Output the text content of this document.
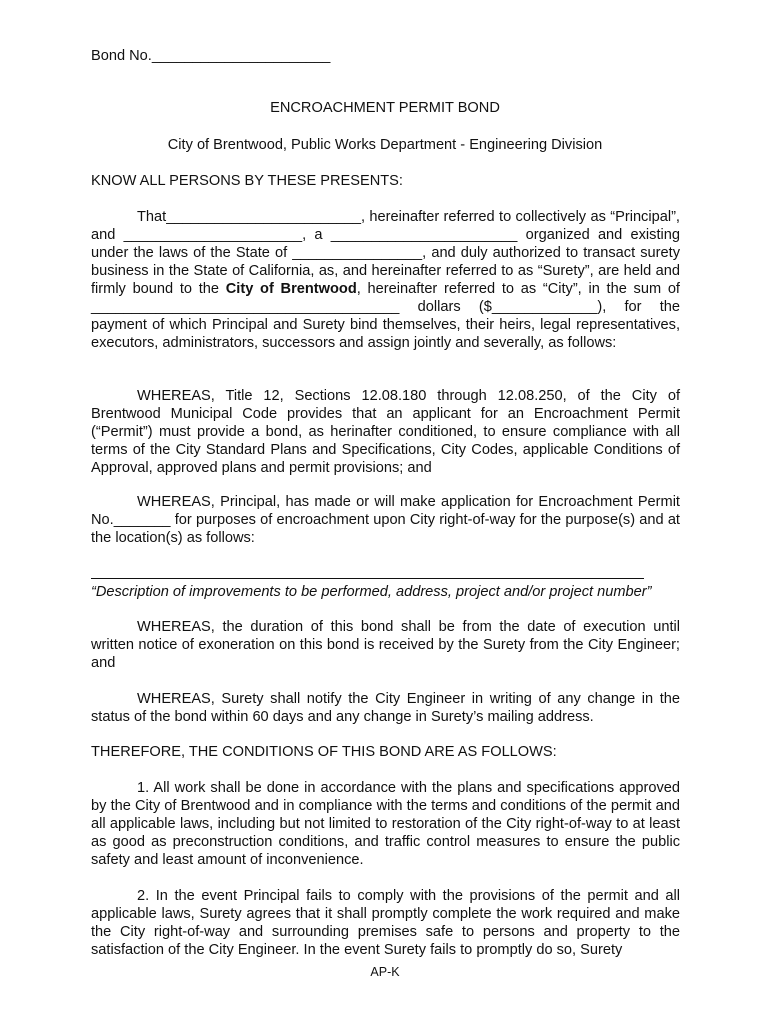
Bond No.______________________
ENCROACHMENT PERMIT BOND
City of Brentwood, Public Works Department - Engineering Division
KNOW ALL PERSONS BY THESE PRESENTS:

That________________________, hereinafter referred to collectively as “Principal”, and ______________________, a _______________________ organized and existing under the laws of the State of ________________, and duly authorized to transact surety business in the State of California, as, and hereinafter referred to as “Surety”, are held and firmly bound to the City of Brentwood, hereinafter referred to as “City”, in the sum of ______________________________________ dollars ($_____________), for the payment of which Principal and Surety bind themselves, their heirs, legal representatives, executors, administrators, successors and assign jointly and severally, as follows:

WHEREAS, Title 12, Sections 12.08.180 through 12.08.250, of the City of Brentwood Municipal Code provides that an applicant for an Encroachment Permit (“Permit”) must provide a bond, as herinafter conditioned, to ensure compliance with all terms of the City Standard Plans and Specifications, City Codes, applicable Conditions of Approval, approved plans and permit provisions; and

WHEREAS, Principal, has made or will make application for Encroachment Permit No._______ for purposes of encroachment upon City right-of-way for the purpose(s) and at the location(s) as follows:

“Description of improvements to be performed, address, project and/or project number”

WHEREAS, the duration of this bond shall be from the date of execution until written notice of exoneration on this bond is received by the Surety from the City Engineer; and

WHEREAS, Surety shall notify the City Engineer in writing of any change in the status of the bond within 60 days and any change in Surety’s mailing address.

THEREFORE, THE CONDITIONS OF THIS BOND ARE AS FOLLOWS:

1. All work shall be done in accordance with the plans and specifications approved by the City of Brentwood and in compliance with the terms and conditions of the permit and all applicable laws, including but not limited to restoration of the City right-of-way to at least as good as preconstruction conditions, and traffic control measures to ensure the public safety and least amount of inconvenience.

2. In the event Principal fails to comply with the provisions of the permit and all applicable laws, Surety agrees that it shall promptly complete the work required and make the City right-of-way and surrounding premises safe to persons and property to the satisfaction of the City Engineer. In the event Surety fails to promptly do so, Surety

AP-K
